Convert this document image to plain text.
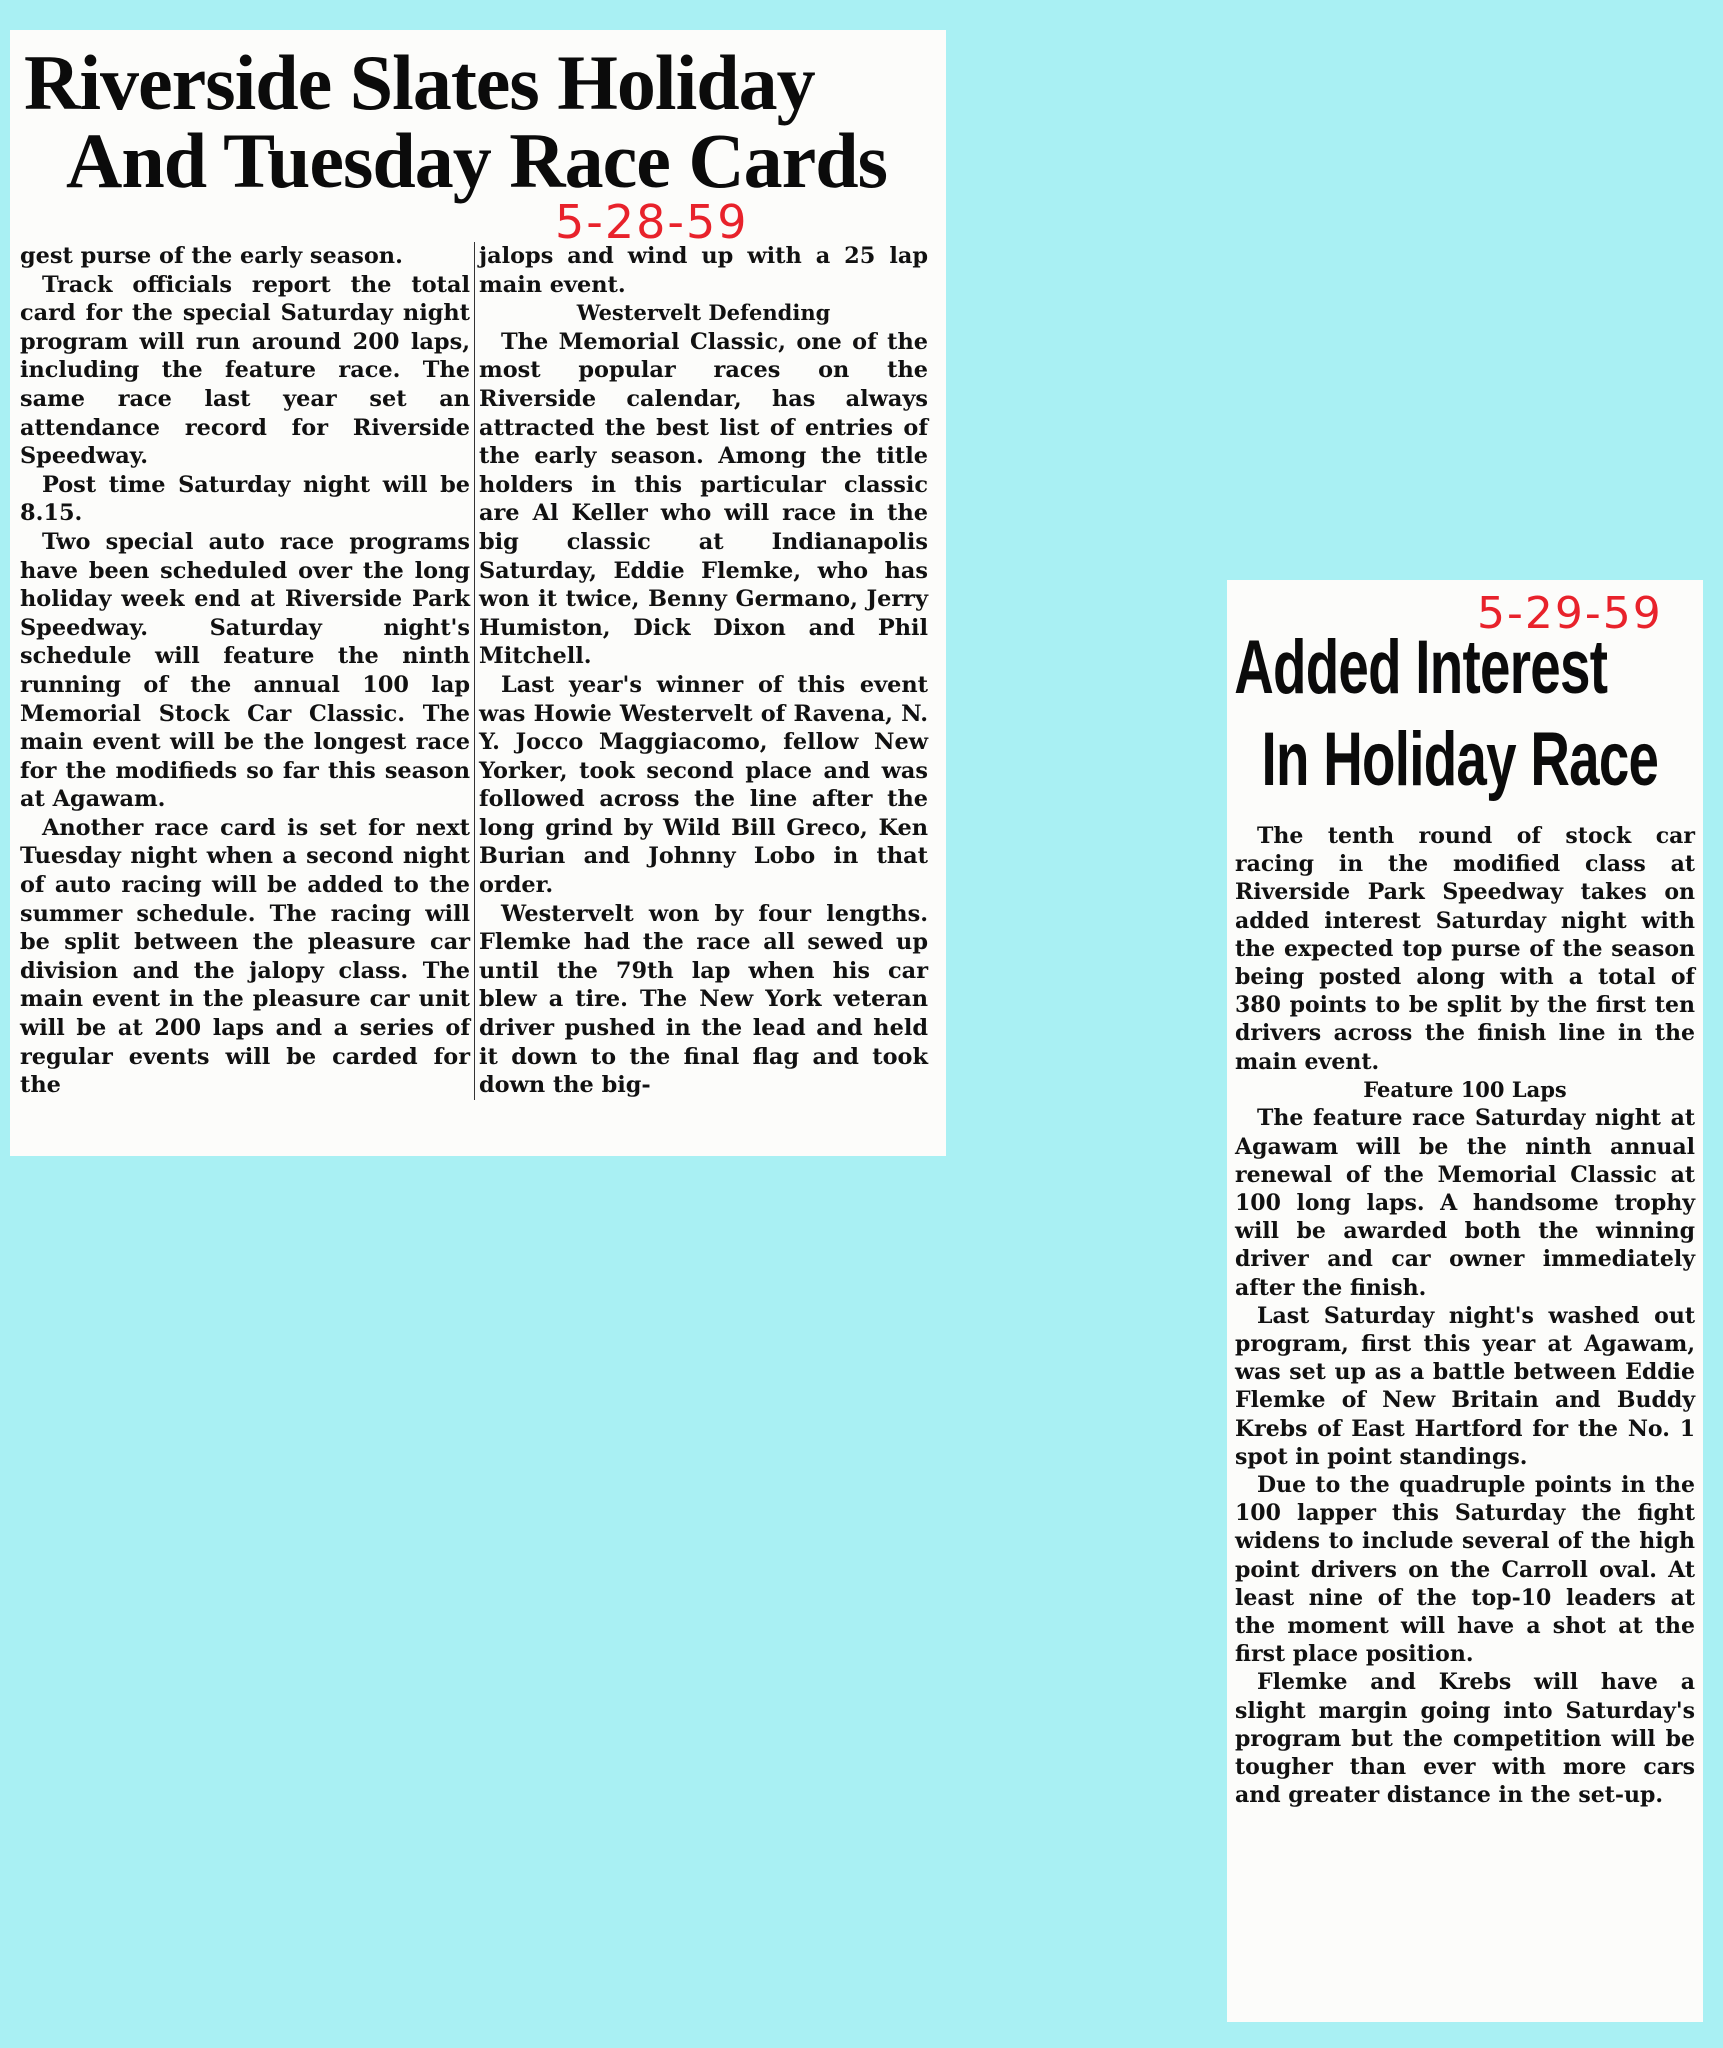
Riverside Slates Holiday
And Tuesday Race Cards
5-28-59

gest purse of the early season.

Track officials report the total card for the special Saturday night program will run around 200 laps, including the feature race. The same race last year set an attendance record for Riverside Speedway.

Post time Saturday night will be 8.15.

Two special auto race programs have been scheduled over the long holiday week end at Riverside Park Speedway. Saturday night's schedule will feature the ninth running of the annual 100 lap Memorial Stock Car Classic. The main event will be the longest race for the modifieds so far this season at Agawam.

Another race card is set for next Tuesday night when a second night of auto racing will be added to the summer schedule. The racing will be split between the pleasure car division and the jalopy class. The main event in the pleasure car unit will be at 200 laps and a series of regular events will be carded for the

jalops and wind up with a 25 lap main event.

Westervelt Defending

The Memorial Classic, one of the most popular races on the Riverside calendar, has always attracted the best list of entries of the early season. Among the title holders in this particular classic are Al Keller who will race in the big classic at Indianapolis Saturday, Eddie Flemke, who has won it twice, Benny Germano, Jerry Humiston, Dick Dixon and Phil Mitchell.

Last year's winner of this event was Howie Westervelt of Ravena, N. Y. Jocco Maggiacomo, fellow New Yorker, took second place and was followed across the line after the long grind by Wild Bill Greco, Ken Burian and Johnny Lobo in that order.

Westervelt won by four lengths. Flemke had the race all sewed up until the 79th lap when his car blew a tire. The New York veteran driver pushed in the lead and held it down to the final flag and took down the big-

5-29-59
Added Interest
In Holiday Race

The tenth round of stock car racing in the modified class at Riverside Park Speedway takes on added interest Saturday night with the expected top purse of the season being posted along with a total of 380 points to be split by the first ten drivers across the finish line in the main event.

Feature 100 Laps

The feature race Saturday night at Agawam will be the ninth annual renewal of the Memorial Classic at 100 long laps. A handsome trophy will be awarded both the winning driver and car owner immediately after the finish.

Last Saturday night's washed out program, first this year at Agawam, was set up as a battle between Eddie Flemke of New Britain and Buddy Krebs of East Hartford for the No. 1 spot in point standings.

Due to the quadruple points in the 100 lapper this Saturday the fight widens to include several of the high point drivers on the Carroll oval. At least nine of the top-10 leaders at the moment will have a shot at the first place position.

Flemke and Krebs will have a slight margin going into Saturday's program but the competition will be tougher than ever with more cars and greater distance in the set-up.
